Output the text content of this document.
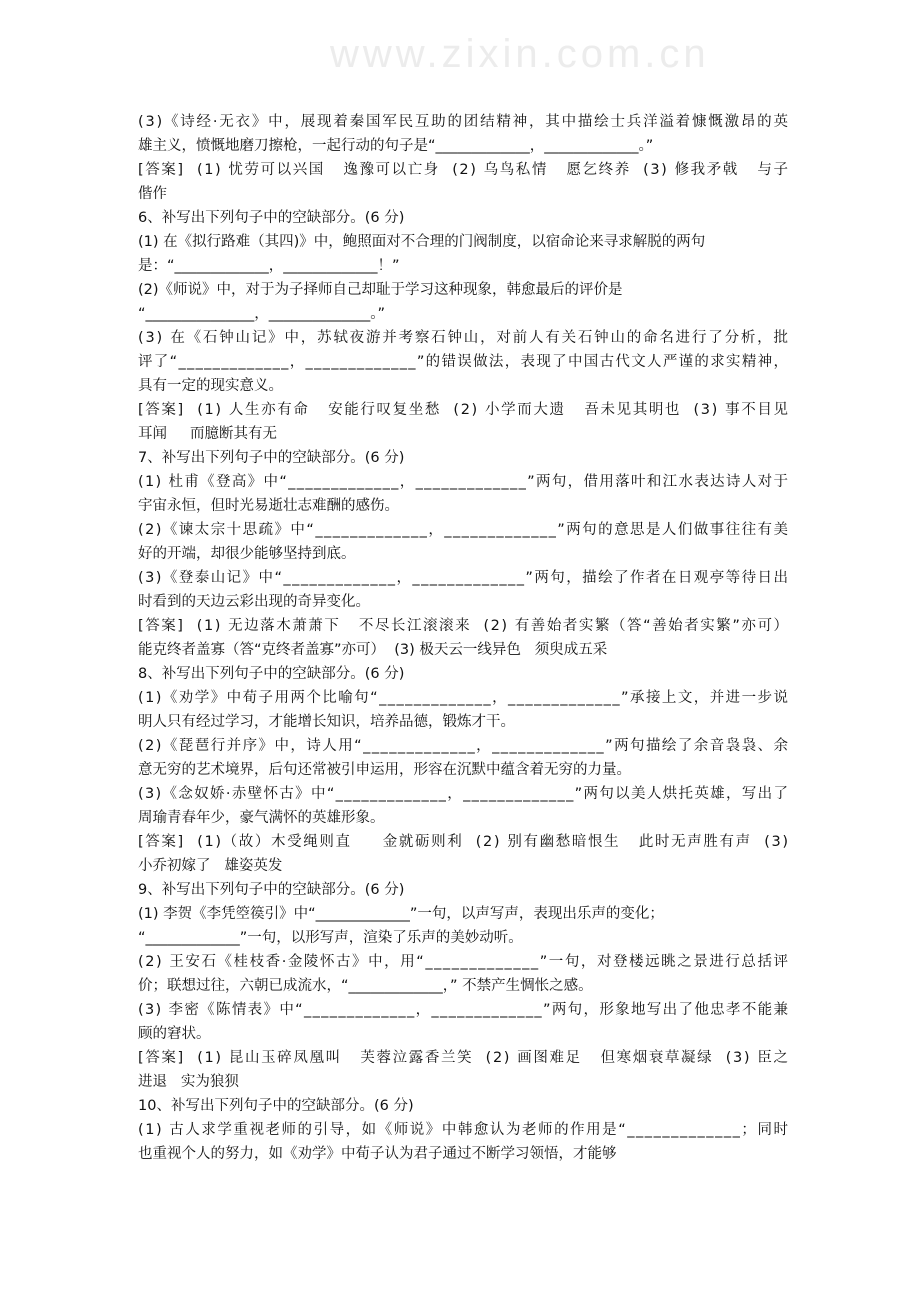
www.zixin.com.cn
(3)《诗经·无衣》中，展现着秦国军民互助的团结精神，其中描绘士兵洋溢着慷慨激昂的英
雄主义，愤慨地磨刀擦枪，一起行动的句子是“_____________，_____________。”
[答案]  (1) 忧劳可以兴国   逸豫可以亡身  (2) 乌鸟私情   愿乞终养  (3) 修我矛戟   与子
偕作
6、补写出下列句子中的空缺部分。(6 分)
(1) 在《拟行路难（其四)》中，鲍照面对不合理的门阀制度，以宿命论来寻求解脱的两句
是：“_____________，_____________！”
(2)《师说》中，对于为子择师自己却耻于学习这种现象，韩愈最后的评价是
“_______________，______________。”
(3) 在《石钟山记》中，苏轼夜游并考察石钟山，对前人有关石钟山的命名进行了分析，批
评了“_____________，_____________”的错误做法，表现了中国古代文人严谨的求实精神，
具有一定的现实意义。
[答案]  (1) 人生亦有命   安能行叹复坐愁  (2) 小学而大遗   吾未见其明也  (3) 事不目见
耳闻     而臆断其有无
7、补写出下列句子中的空缺部分。(6 分)
(1) 杜甫《登高》中“_____________，_____________”两句，借用落叶和江水表达诗人对于
宇宙永恒，但时光易逝壮志难酬的感伤。
(2)《谏太宗十思疏》中“_____________，_____________”两句的意思是人们做事往往有美
好的开端，却很少能够坚持到底。
(3)《登泰山记》中“_____________，_____________”两句，描绘了作者在日观亭等待日出
时看到的天边云彩出现的奇异变化。
[答案]  (1) 无边落木萧萧下   不尽长江滚滚来  (2) 有善始者实繁（答“善始者实繁”亦可）
能克终者盖寡（答“克终者盖寡”亦可）  (3) 极天云一线异色   须臾成五采
8、补写出下列句子中的空缺部分。(6 分)
(1)《劝学》中荀子用两个比喻句“_____________，_____________”承接上文，并进一步说
明人只有经过学习，才能增长知识，培养品德，锻炼才干。
(2)《琵琶行并序》中，诗人用“_____________，_____________”两句描绘了余音袅袅、余
意无穷的艺术境界，后句还常被引申运用，形容在沉默中蕴含着无穷的力量。
(3)《念奴娇·赤壁怀古》中“_____________，_____________”两句以美人烘托英雄，写出了
周瑜青春年少，豪气满怀的英雄形象。
[答案]  (1)（故）木受绳则直     金就砺则利  (2) 别有幽愁暗恨生   此时无声胜有声  (3)
小乔初嫁了   雄姿英发
9、补写出下列句子中的空缺部分。(6 分)
(1) 李贺《李凭箜篌引》中“_____________”一句，以声写声，表现出乐声的变化；
“_____________”一句，以形写声，渲染了乐声的美妙动听。
(2) 王安石《桂枝香·金陵怀古》中，用“_____________”一句，对登楼远眺之景进行总括评
价；联想过往，六朝已成流水，“_____________，” 不禁产生惆怅之感。
(3) 李密《陈情表》中“_____________，_____________”两句，形象地写出了他忠孝不能兼
顾的窘状。
[答案]  (1) 昆山玉碎凤凰叫   芙蓉泣露香兰笑  (2) 画图难足   但寒烟衰草凝绿  (3) 臣之
进退   实为狼狈
10、补写出下列句子中的空缺部分。(6 分)
(1) 古人求学重视老师的引导，如《师说》中韩愈认为老师的作用是“_____________；同时
也重视个人的努力，如《劝学》中荀子认为君子通过不断学习领悟，才能够
